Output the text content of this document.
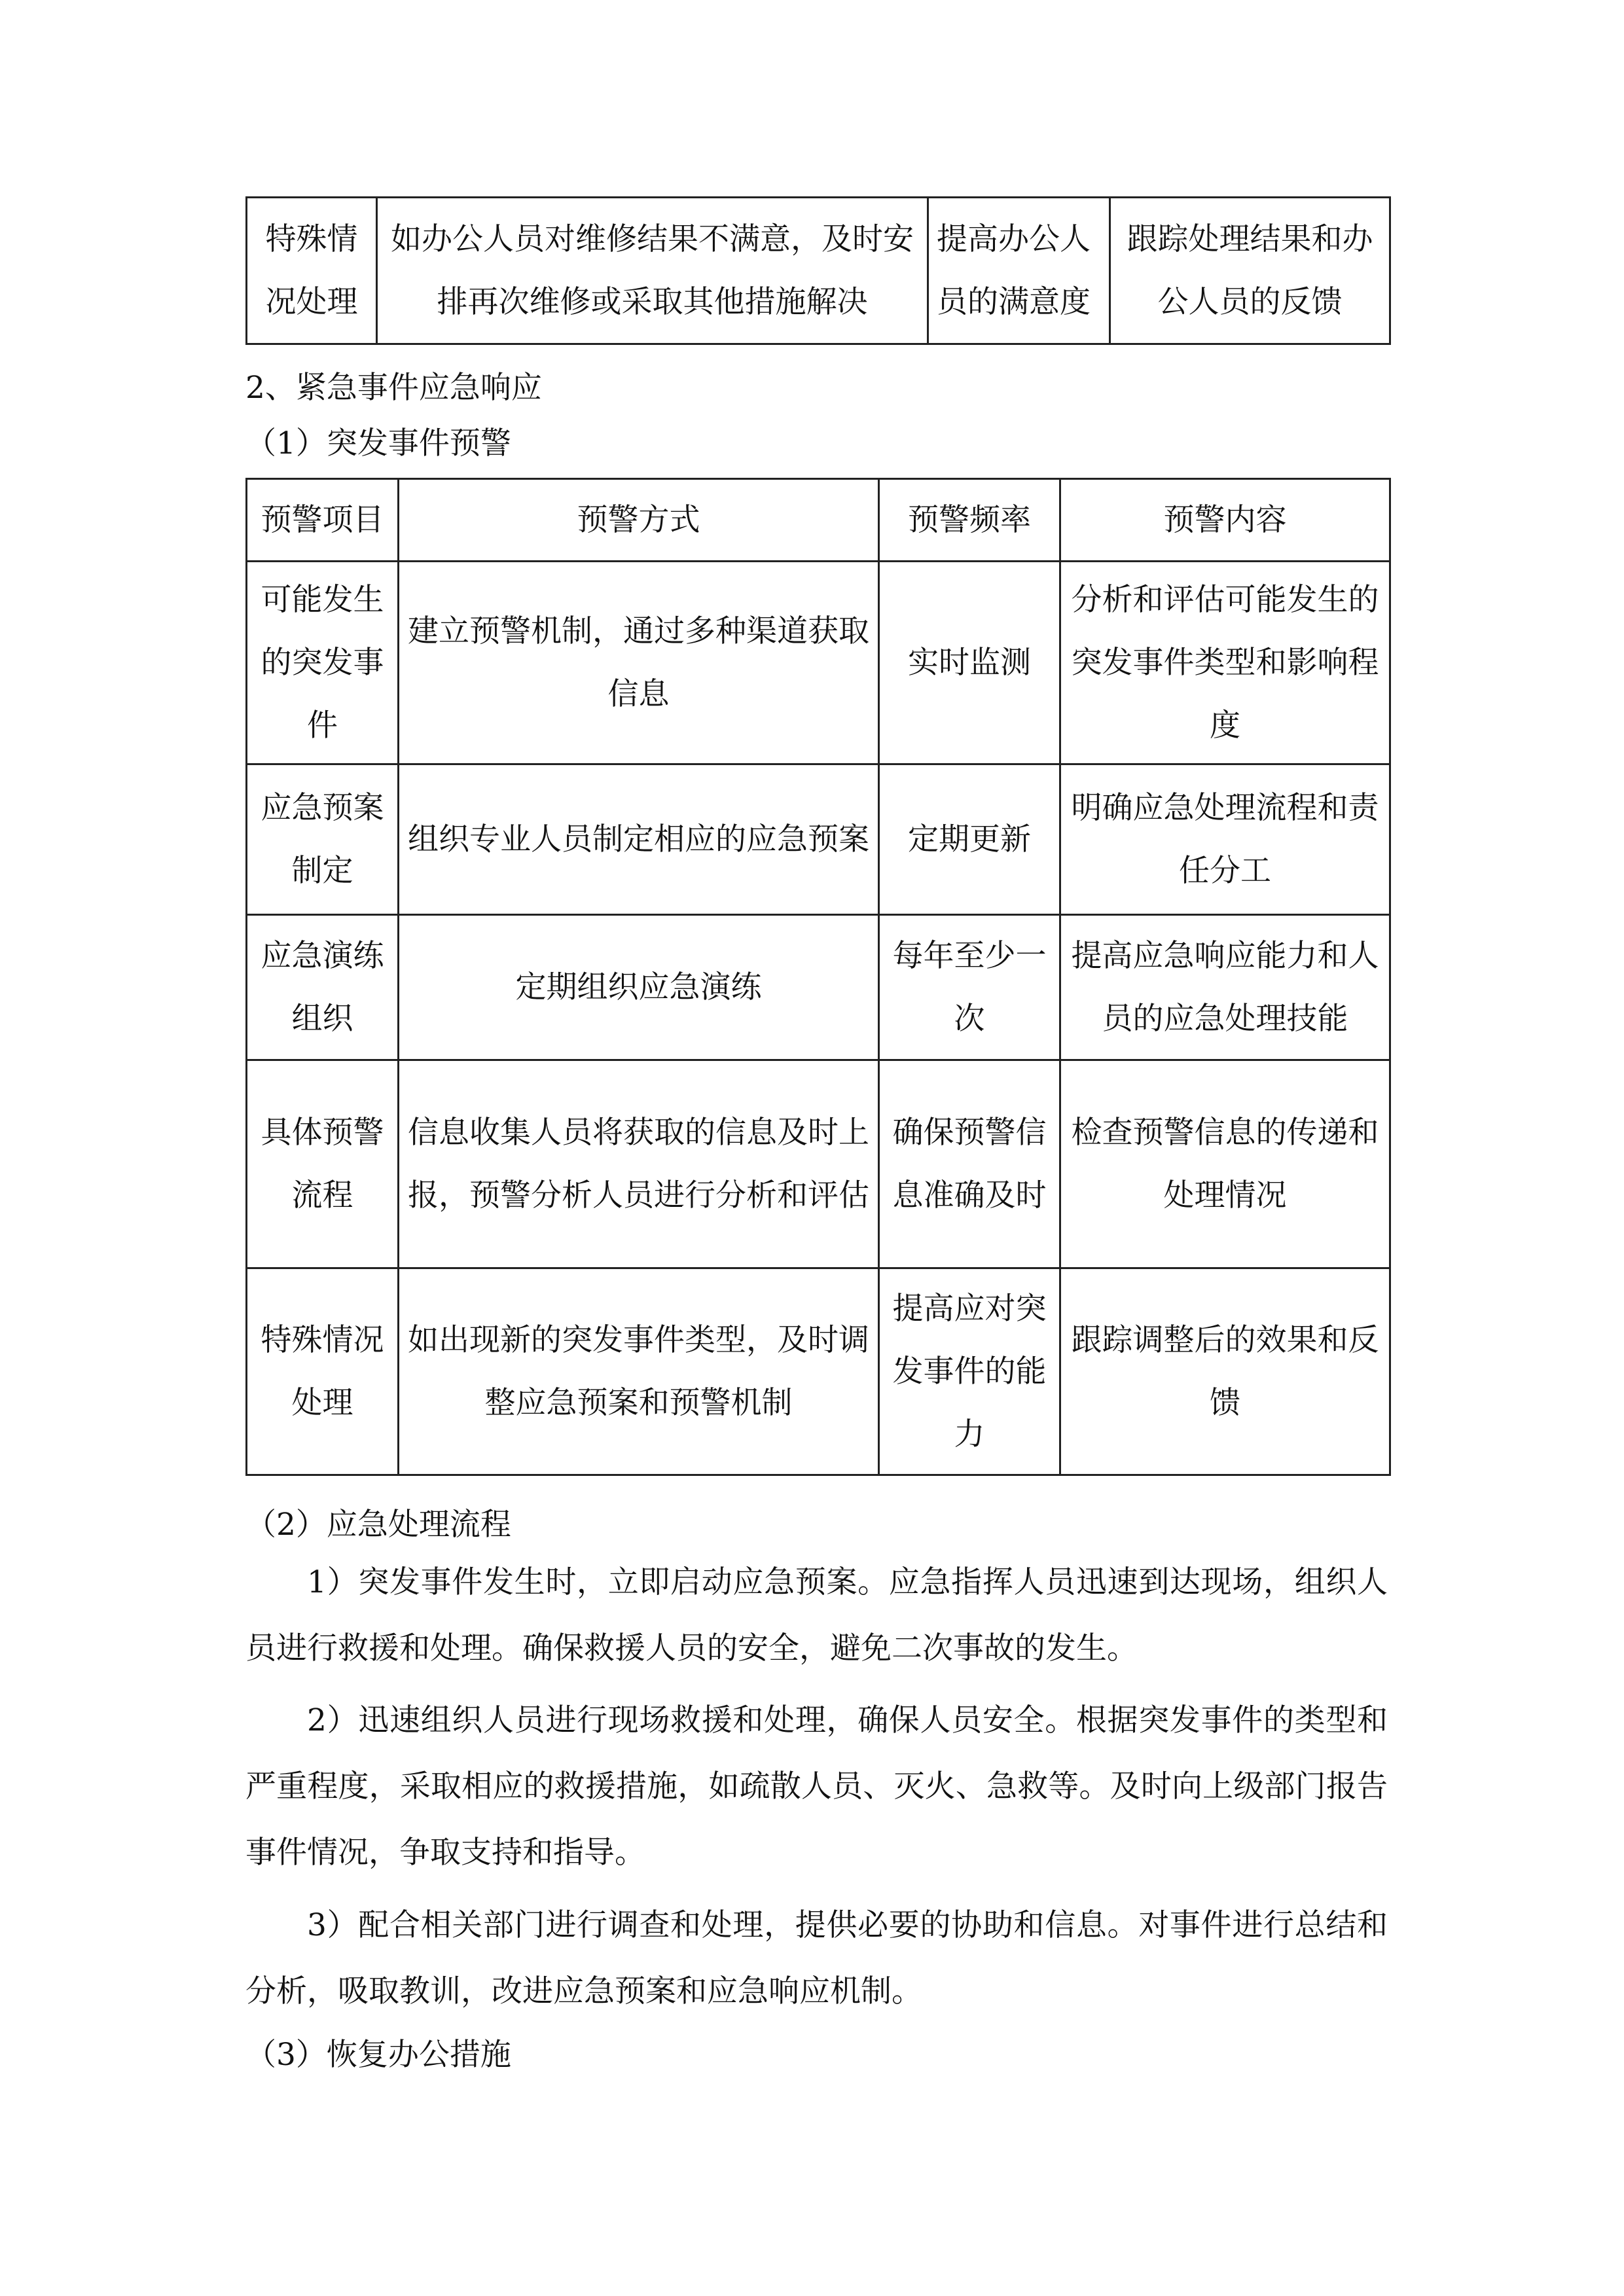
特殊情况处理	如办公人员对维修结果不满意，及时安排再次维修或采取其他措施解决	提高办公人员的满意度	跟踪处理结果和办公人员的反馈
2、紧急事件应急响应
（1）突发事件预警
预警项目	预警方式	预警频率	预警内容
可能发生的突发事件	建立预警机制，通过多种渠道获取信息	实时监测	分析和评估可能发生的突发事件类型和影响程度
应急预案制定	组织专业人员制定相应的应急预案	定期更新	明确应急处理流程和责任分工
应急演练组织	定期组织应急演练	每年至少一次	提高应急响应能力和人员的应急处理技能
具体预警流程	信息收集人员将获取的信息及时上报，预警分析人员进行分析和评估	确保预警信息准确及时	检查预警信息的传递和处理情况
特殊情况处理	如出现新的突发事件类型，及时调整应急预案和预警机制	提高应对突发事件的能力	跟踪调整后的效果和反馈
（2）应急处理流程
1）突发事件发生时，立即启动应急预案。应急指挥人员迅速到达现场，组织人员进行救援和处理。确保救援人员的安全，避免二次事故的发生。
2）迅速组织人员进行现场救援和处理，确保人员安全。根据突发事件的类型和严重程度，采取相应的救援措施，如疏散人员、灭火、急救等。及时向上级部门报告事件情况，争取支持和指导。
3）配合相关部门进行调查和处理，提供必要的协助和信息。对事件进行总结和分析，吸取教训，改进应急预案和应急响应机制。
（3）恢复办公措施
